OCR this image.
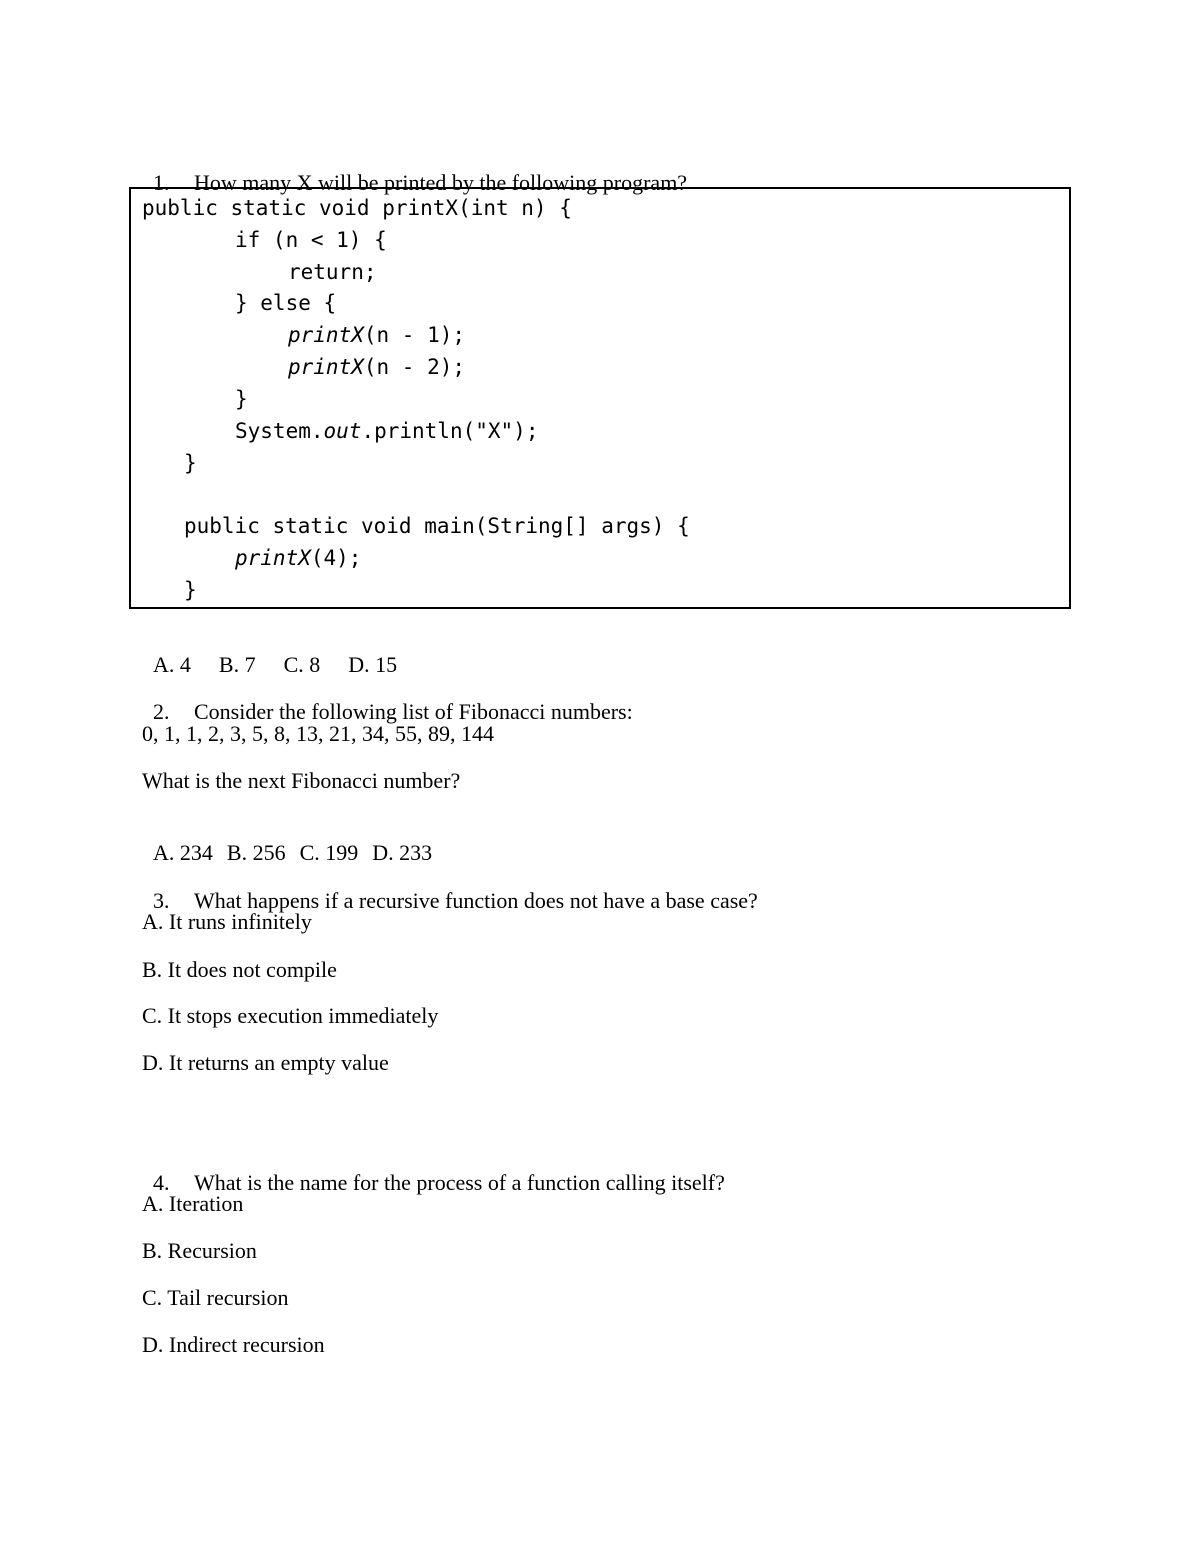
1. How many X will be printed by the following program?

public static void printX(int n) {
if (n < 1) {
return;
} else {
printX(n - 1);
printX(n - 2);
}
System.out.println("X");
}
public static void main(String[] args) {
printX(4);
}

A. 4 B. 7 C. 8 D. 15

2. Consider the following list of Fibonacci numbers:

0, 1, 1, 2, 3, 5, 8, 13, 21, 34, 55, 89, 144
What is the next Fibonacci number?

A. 234 B. 256 C. 199 D. 233

3. What happens if a recursive function does not have a base case?

A. It runs infinitely
B. It does not compile
C. It stops execution immediately
D. It returns an empty value

4. What is the name for the process of a function calling itself?

A. Iteration
B. Recursion
C. Tail recursion
D. Indirect recursion
